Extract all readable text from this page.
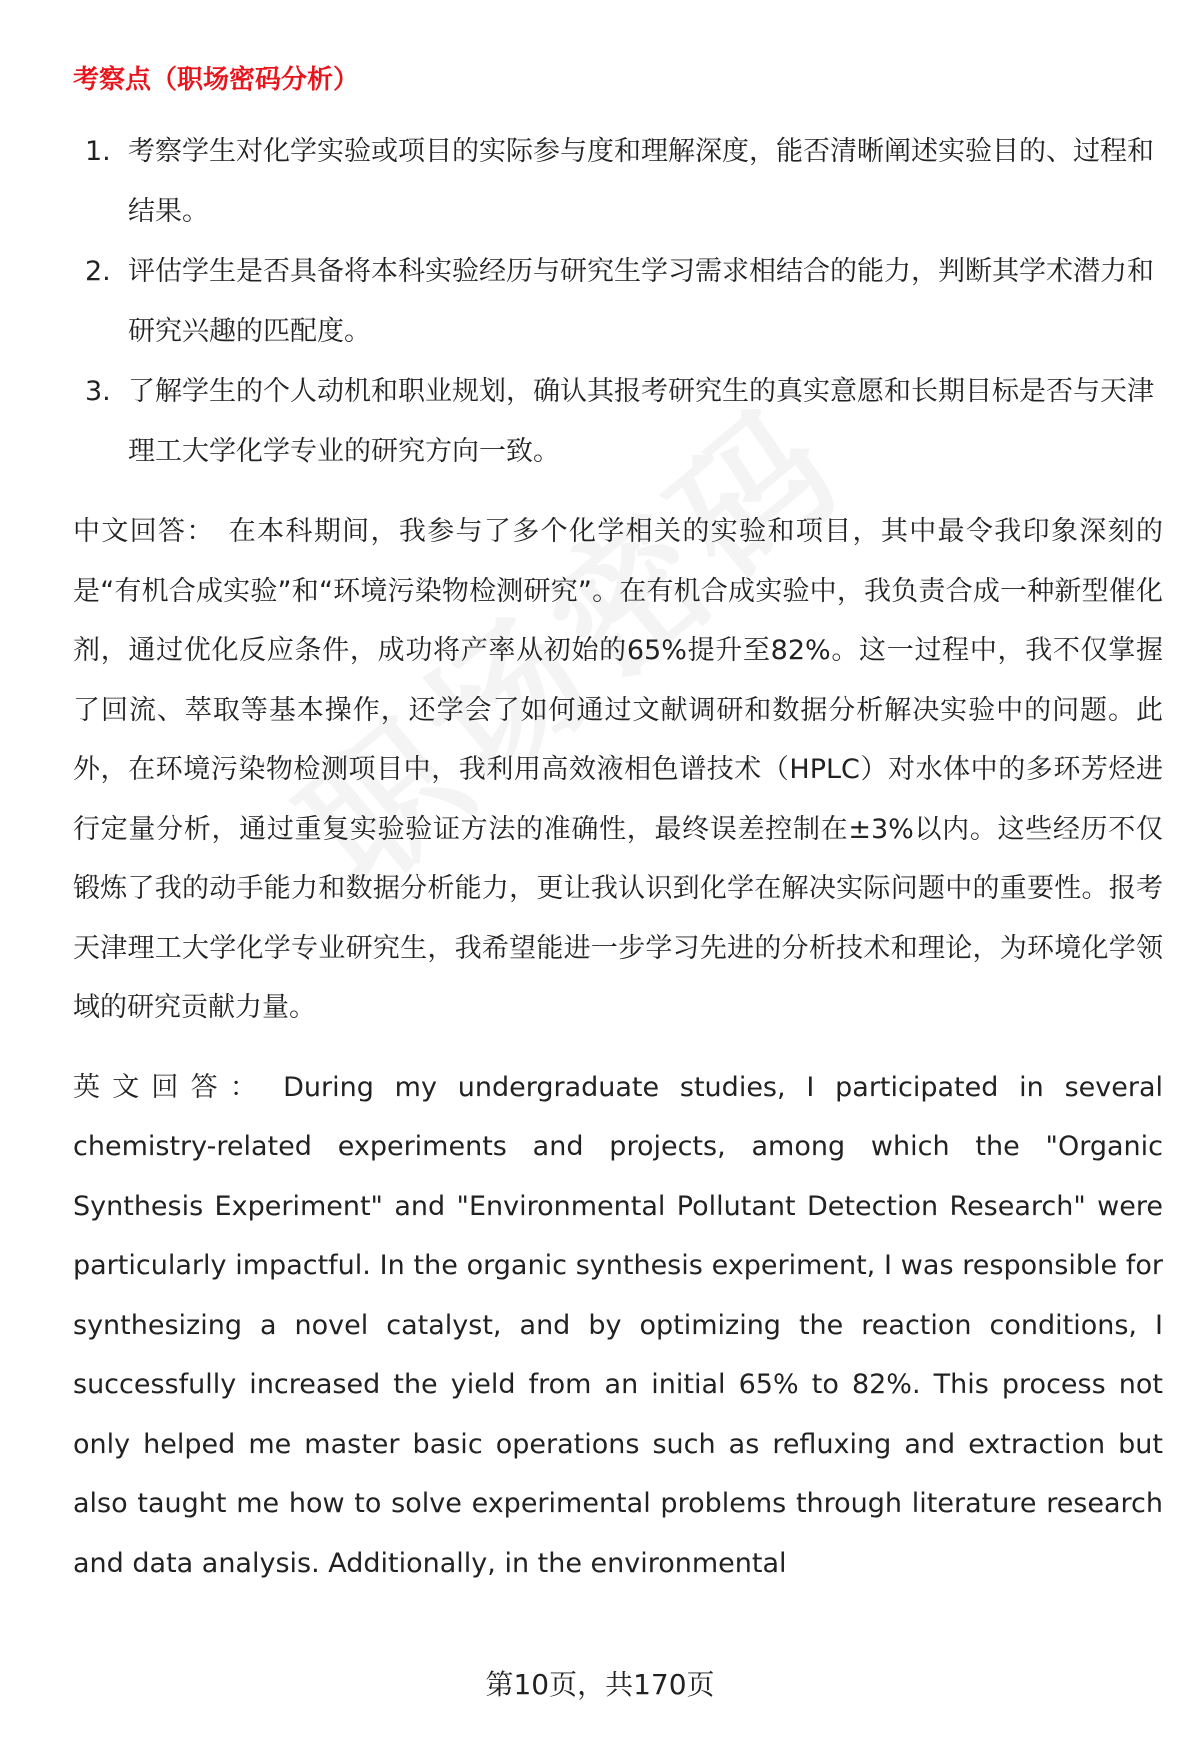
考察点（职场密码分析）
1. 考察学生对化学实验或项目的实际参与度和理解深度，能否清晰阐述实验目的、过程和结果。
2. 评估学生是否具备将本科实验经历与研究生学习需求相结合的能力，判断其学术潜力和研究兴趣的匹配度。
3. 了解学生的个人动机和职业规划，确认其报考研究生的真实意愿和长期目标是否与天津理工大学化学专业的研究方向一致。

中文回答： 在本科期间，我参与了多个化学相关的实验和项目，其中最令我印象深刻的是“有机合成实验”和“环境污染物检测研究”。在有机合成实验中，我负责合成一种新型催化剂，通过优化反应条件，成功将产率从初始的65%提升至82%。这一过程中，我不仅掌握了回流、萃取等基本操作，还学会了如何通过文献调研和数据分析解决实验中的问题。此外，在环境污染物检测项目中，我利用高效液相色谱技术（HPLC）对水体中的多环芳烃进行定量分析，通过重复实验验证方法的准确性，最终误差控制在±3%以内。这些经历不仅锻炼了我的动手能力和数据分析能力，更让我认识到化学在解决实际问题中的重要性。报考天津理工大学化学专业研究生，我希望能进一步学习先进的分析技术和理论，为环境化学领域的研究贡献力量。

英文回答： During my undergraduate studies, I participated in several chemistry-related experiments and projects, among which the "Organic Synthesis Experiment" and "Environmental Pollutant Detection Research" were particularly impactful. In the organic synthesis experiment, I was responsible for synthesizing a novel catalyst, and by optimizing the reaction conditions, I successfully increased the yield from an initial 65% to 82%. This process not only helped me master basic operations such as refluxing and extraction but also taught me how to solve experimental problems through literature research and data analysis. Additionally, in the environmental

第10页，共170页
